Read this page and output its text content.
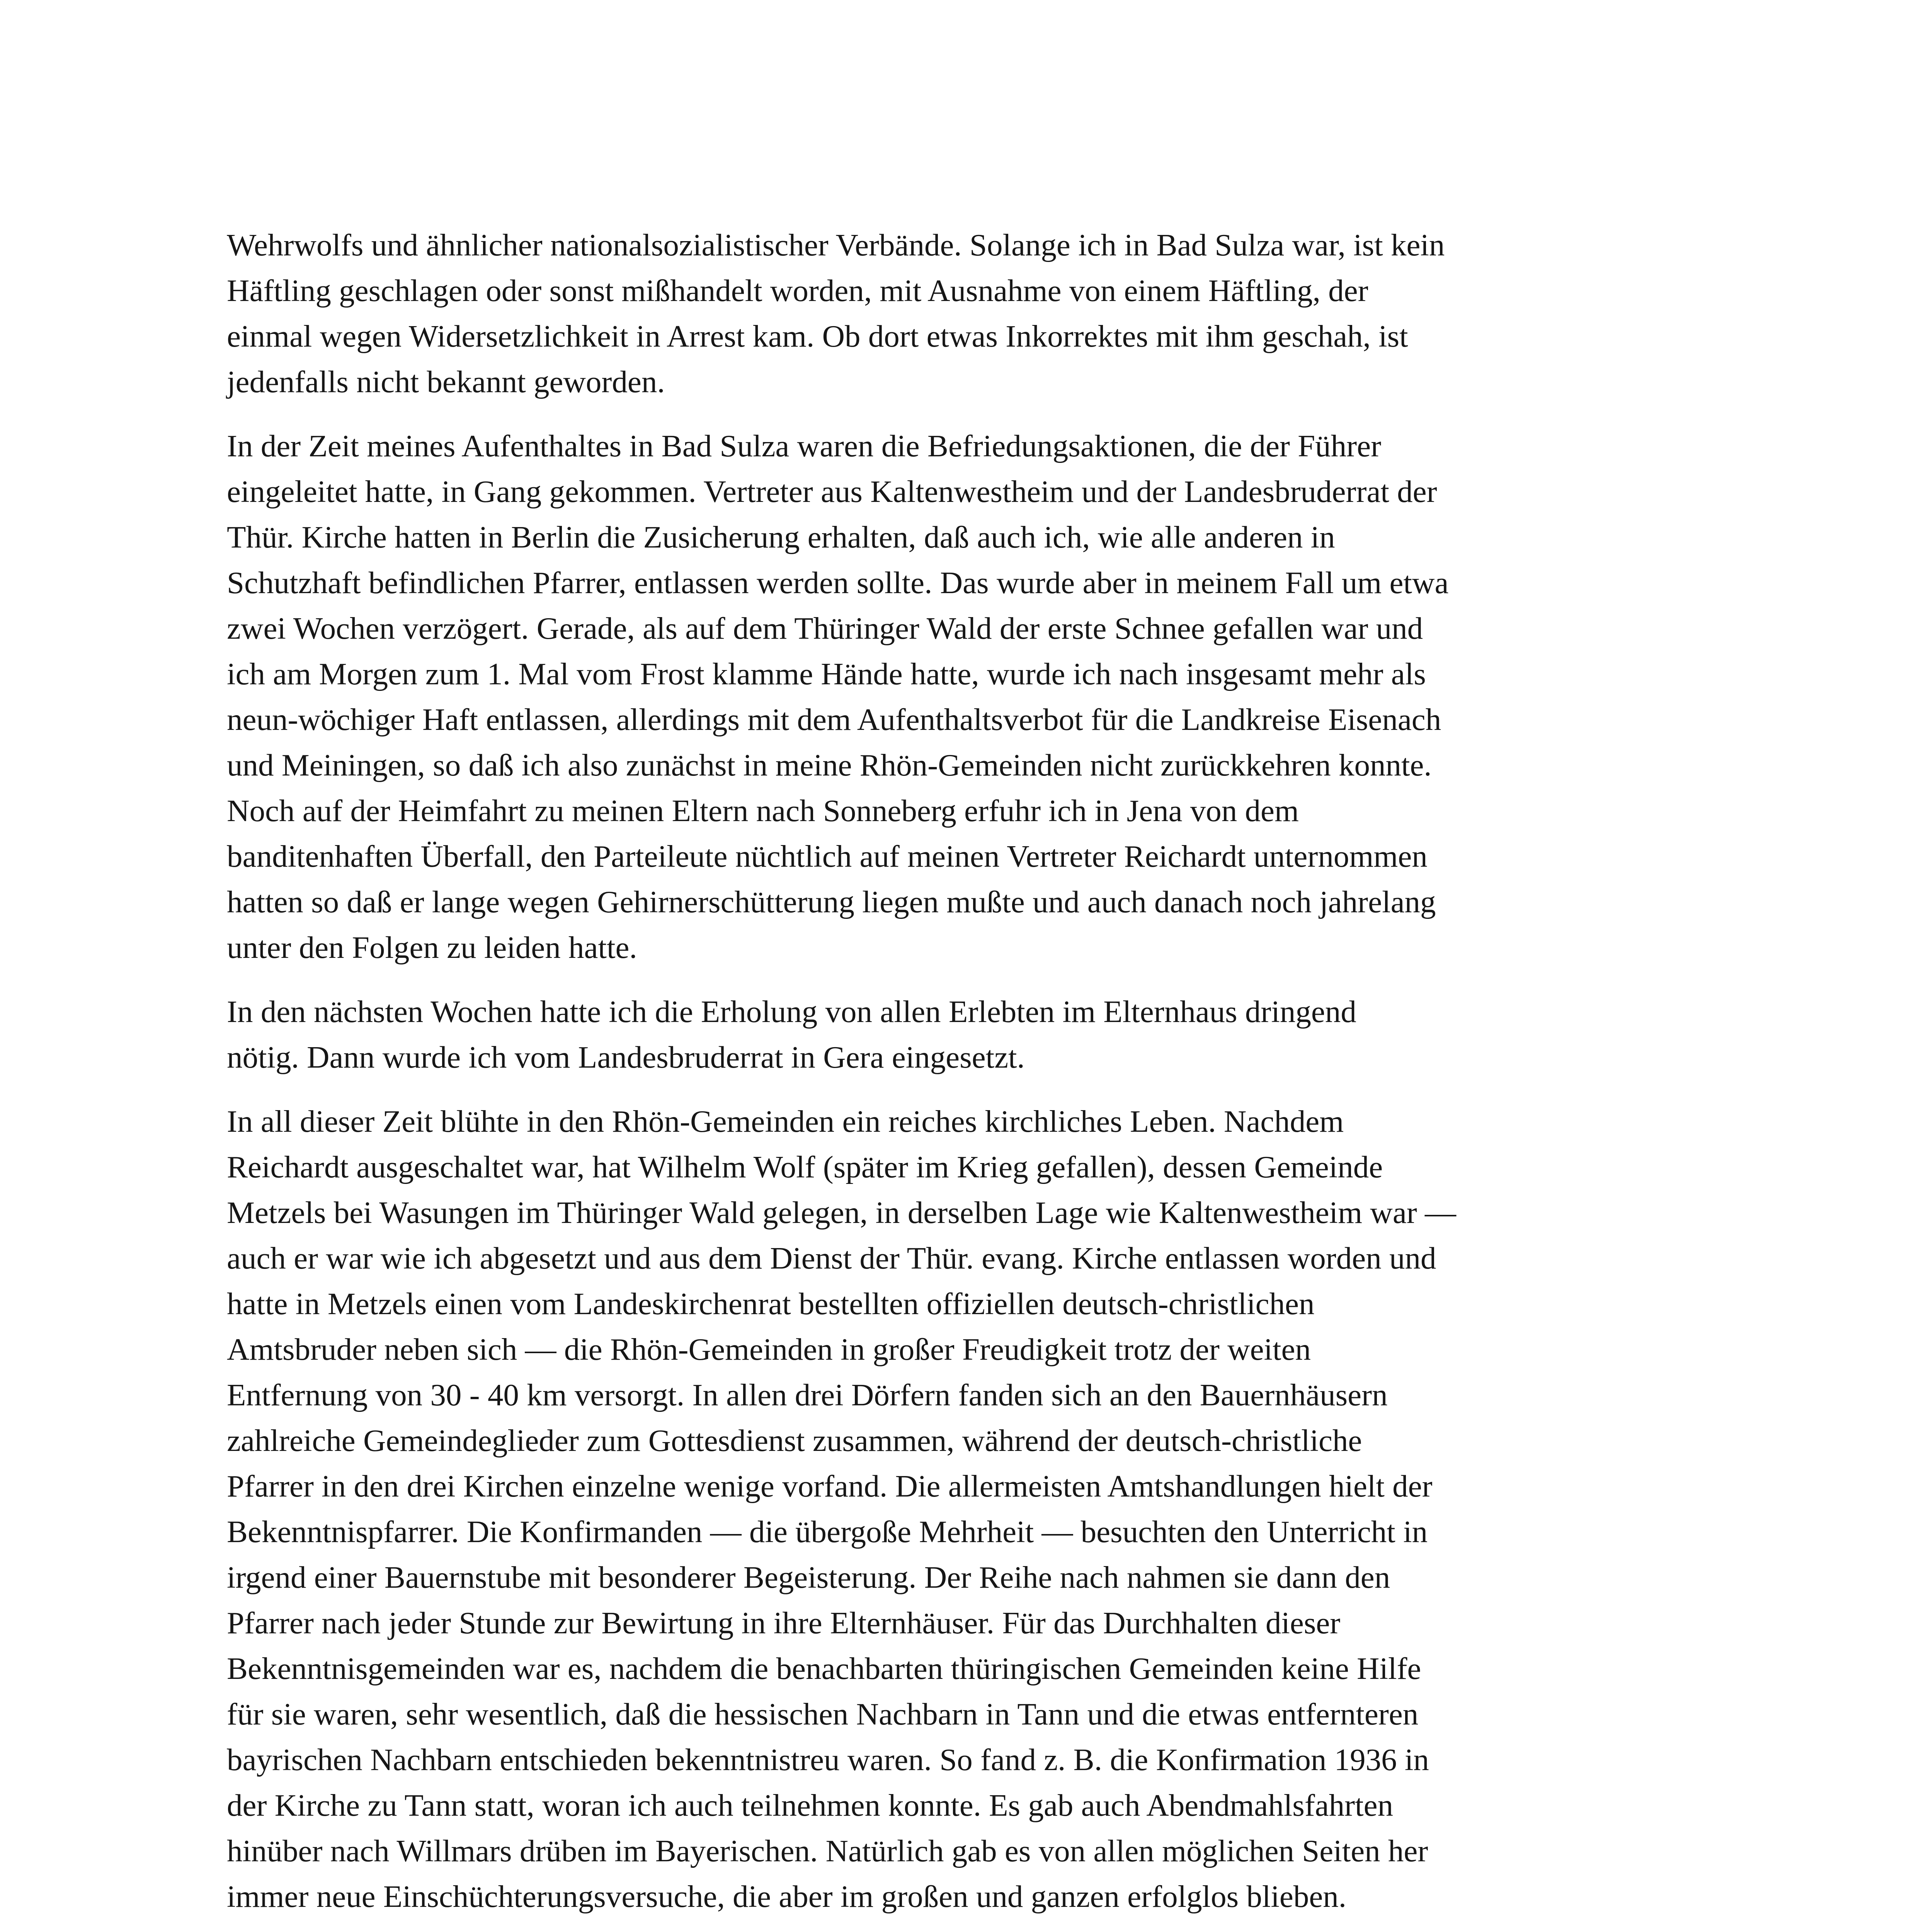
Wehrwolfs und ähnlicher nationalsozialistischer Verbände. Solange ich in Bad Sulza war, ist kein
Häftling geschlagen oder sonst mißhandelt worden, mit Ausnahme von einem Häftling, der
einmal wegen Widersetzlichkeit in Arrest kam. Ob dort etwas Inkorrektes mit ihm geschah, ist
jedenfalls nicht bekannt geworden.

In der Zeit meines Aufenthaltes in Bad Sulza waren die Befriedungsaktionen, die der Führer
eingeleitet hatte, in Gang gekommen. Vertreter aus Kaltenwestheim und der Landesbruderrat der
Thür. Kirche hatten in Berlin die Zusicherung erhalten, daß auch ich, wie alle anderen in
Schutzhaft befindlichen Pfarrer, entlassen werden sollte. Das wurde aber in meinem Fall um etwa
zwei Wochen verzögert. Gerade, als auf dem Thüringer Wald der erste Schnee gefallen war und
ich am Morgen zum 1. Mal vom Frost klamme Hände hatte, wurde ich nach insgesamt mehr als
neun-wöchiger Haft entlassen, allerdings mit dem Aufenthaltsverbot für die Landkreise Eisenach
und Meiningen, so daß ich also zunächst in meine Rhön-Gemeinden nicht zurückkehren konnte.
Noch auf der Heimfahrt zu meinen Eltern nach Sonneberg erfuhr ich in Jena von dem
banditenhaften Überfall, den Parteileute nüchtlich auf meinen Vertreter Reichardt unternommen
hatten so daß er lange wegen Gehirnerschütterung liegen mußte und auch danach noch jahrelang
unter den Folgen zu leiden hatte.

In den nächsten Wochen hatte ich die Erholung von allen Erlebten im Elternhaus dringend
nötig. Dann wurde ich vom Landesbruderrat in Gera eingesetzt.

In all dieser Zeit blühte in den Rhön-Gemeinden ein reiches kirchliches Leben. Nachdem
Reichardt ausgeschaltet war, hat Wilhelm Wolf (später im Krieg gefallen), dessen Gemeinde
Metzels bei Wasungen im Thüringer Wald gelegen, in derselben Lage wie Kaltenwestheim war —
auch er war wie ich abgesetzt und aus dem Dienst der Thür. evang. Kirche entlassen worden und
hatte in Metzels einen vom Landeskirchenrat bestellten offiziellen deutsch-christlichen
Amtsbruder neben sich — die Rhön-Gemeinden in großer Freudigkeit trotz der weiten
Entfernung von 30 - 40 km versorgt. In allen drei Dörfern fanden sich an den Bauernhäusern
zahlreiche Gemeindeglieder zum Gottesdienst zusammen, während der deutsch-christliche
Pfarrer in den drei Kirchen einzelne wenige vorfand. Die allermeisten Amtshandlungen hielt der
Bekenntnispfarrer. Die Konfirmanden — die übergoße Mehrheit — besuchten den Unterricht in
irgend einer Bauernstube mit besonderer Begeisterung. Der Reihe nach nahmen sie dann den
Pfarrer nach jeder Stunde zur Bewirtung in ihre Elternhäuser. Für das Durchhalten dieser
Bekenntnisgemeinden war es, nachdem die benachbarten thüringischen Gemeinden keine Hilfe
für sie waren, sehr wesentlich, daß die hessischen Nachbarn in Tann und die etwas entfernteren
bayrischen Nachbarn entschieden bekenntnistreu waren. So fand z. B. die Konfirmation 1936 in
der Kirche zu Tann statt, woran ich auch teilnehmen konnte. Es gab auch Abendmahlsfahrten
hinüber nach Willmars drüben im Bayerischen. Natürlich gab es von allen möglichen Seiten her
immer neue Einschüchterungsversuche, die aber im großen und ganzen erfolglos blieben.
